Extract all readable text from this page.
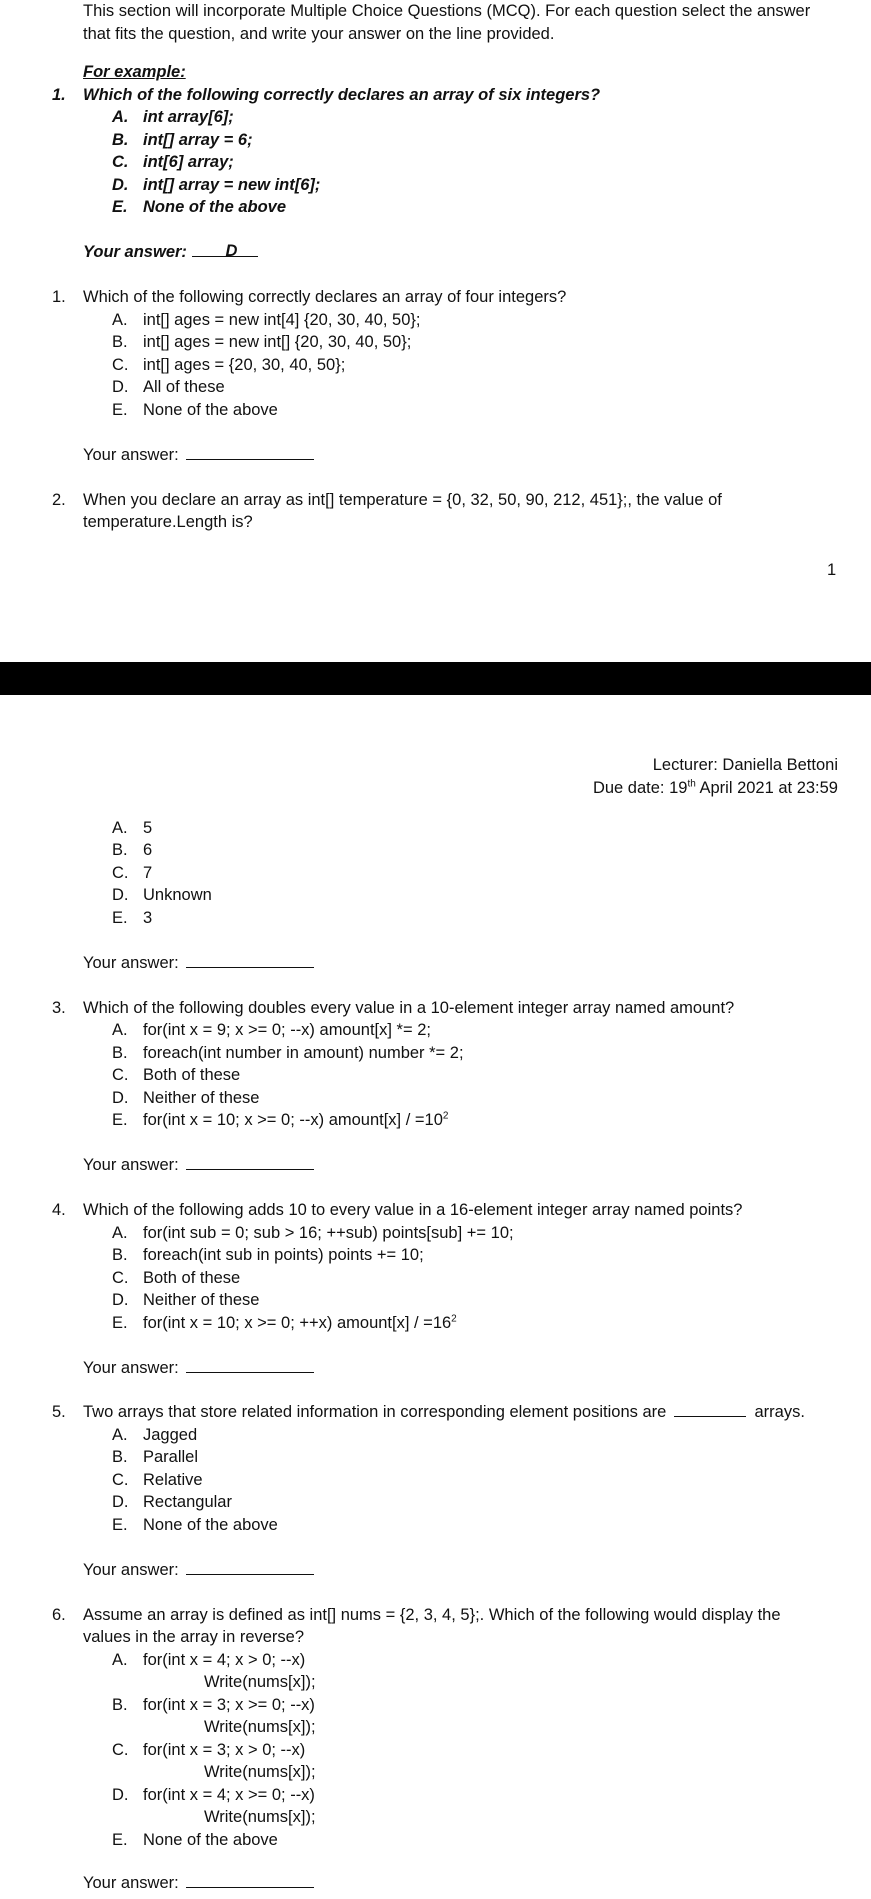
This section will incorporate Multiple Choice Questions (MCQ). For each question select the answer
that fits the question, and write your answer on the line provided.
For example:
1. Which of the following correctly declares an array of six integers?
A. int array[6];
B. int[] array = 6;
C. int[6] array;
D. int[] array = new int[6];
E. None of the above
Your answer: D
1. Which of the following correctly declares an array of four integers?
A. int[] ages = new int[4] {20, 30, 40, 50};
B. int[] ages = new int[] {20, 30, 40, 50};
C. int[] ages = {20, 30, 40, 50};
D. All of these
E. None of the above
Your answer:
2. When you declare an array as int[] temperature = {0, 32, 50, 90, 212, 451};, the value of
temperature.Length is?
1
Lecturer: Daniella Bettoni
Due date: 19th April 2021 at 23:59
A. 5
B. 6
C. 7
D. Unknown
E. 3
Your answer:
3. Which of the following doubles every value in a 10-element integer array named amount?
A. for(int x = 9; x >= 0; --x) amount[x] *= 2;
B. foreach(int number in amount) number *= 2;
C. Both of these
D. Neither of these
E. for(int x = 10; x >= 0; --x) amount[x] / $=10^2$
Your answer:
4. Which of the following adds 10 to every value in a 16-element integer array named points?
A. for(int sub = 0; sub > 16; ++sub) points[sub] += 10;
B. foreach(int sub in points) points += 10;
C. Both of these
D. Neither of these
E. for(int x = 10; x >= 0; ++x) amount[x] / $=16^2$
Your answer:
5. Two arrays that store related information in corresponding element positions are	arrays.
A. Jagged
B. Parallel
C. Relative
D. Rectangular
E. None of the above
Your answer:
6. Assume an array is defined as int[] nums = {2, 3, 4, 5};. Which of the following would display the
values in the array in reverse?
A. for(int x = 4; x > 0; --x)
Write(nums[x]);
B. for(int x = 3; x >= 0; --x)
Write(nums[x]);
C. for(int x = 3; x > 0; --x)
Write(nums[x]);
D. for(int x = 4; x >= 0; --x)
Write(nums[x]);
E. None of the above
Your answer:
